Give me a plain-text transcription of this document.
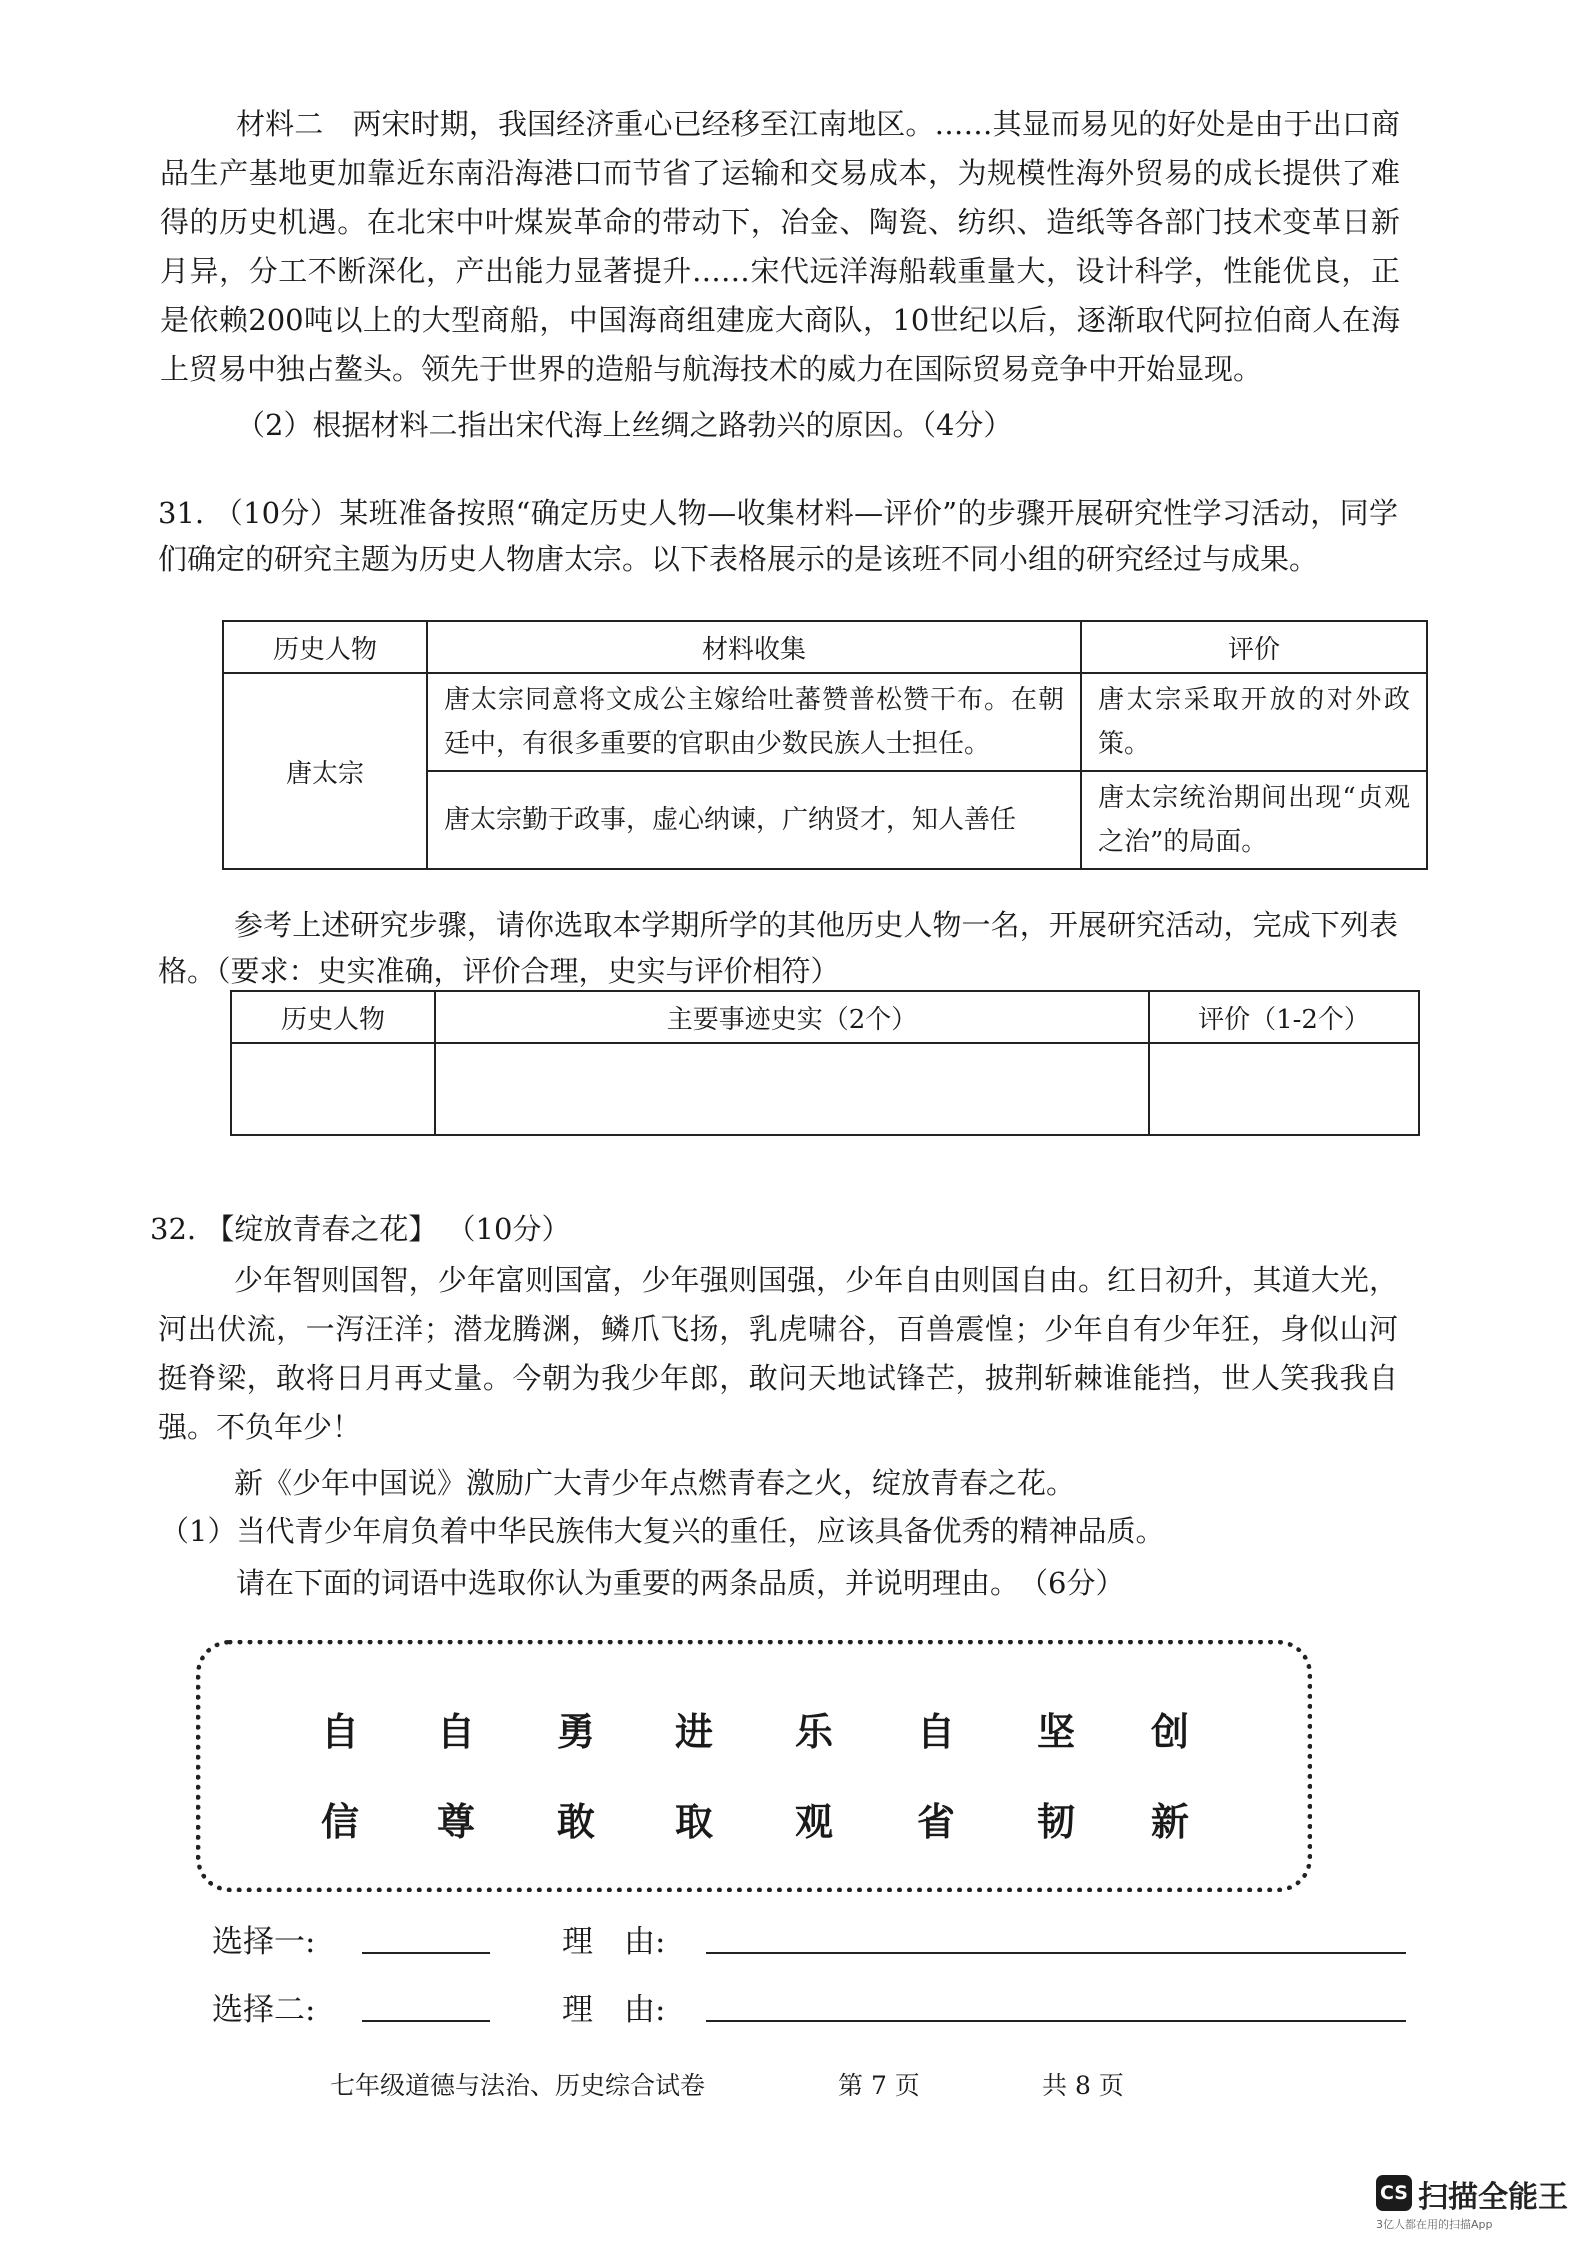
材料二　 两宋时期，我国经济重心已经移至江南地区。……其显而易见的好处是由于出口商品生产基地更加靠近东南沿海港口而节省了运输和交易成本，为规模性海外贸易的成长提供了难得的历史机遇。在北宋中叶煤炭革命的带动下，冶金、陶瓷、纺织、造纸等各部门技术变革日新月异，分工不断深化，产出能力显著提升……宋代远洋海船载重量大，设计科学，性能优良，正是依赖200吨以上的大型商船，中国海商组建庞大商队，10世纪以后，逐渐取代阿拉伯商人在海上贸易中独占鳌头。领先于世界的造船与航海技术的威力在国际贸易竞争中开始显现。
（2）根据材料二指出宋代海上丝绸之路勃兴的原因。（4分）
31. （10分）某班准备按照“确定历史人物—收集材料—评价”的步骤开展研究性学习活动，同学们确定的研究主题为历史人物唐太宗。以下表格展示的是该班不同小组的研究经过与成果。
历史人物	材料收集	评价
唐太宗	唐太宗同意将文成公主嫁给吐蕃赞普松赞干布。在朝廷中，有很多重要的官职由少数民族人士担任。	唐太宗采取开放的对外政策。
	唐太宗勤于政事，虚心纳谏，广纳贤才，知人善任	唐太宗统治期间出现“贞观之治”的局面。
参考上述研究步骤，请你选取本学期所学的其他历史人物一名，开展研究活动，完成下列表格。（要求：史实准确，评价合理，史实与评价相符）
历史人物	主要事迹史实（2个）	评价（1-2个）

32. 【绽放青春之花】 （10分）
少年智则国智，少年富则国富，少年强则国强，少年自由则国自由。红日初升，其道大光，河出伏流，一泻汪洋；潜龙腾渊，鳞爪飞扬，乳虎啸谷，百兽震惶；少年自有少年狂，身似山河挺脊梁，敢将日月再丈量。今朝为我少年郎，敢问天地试锋芒，披荆斩棘谁能挡，世人笑我我自强。不负年少！
新《少年中国说》激励广大青少年点燃青春之火，绽放青春之花。
（1）当代青少年肩负着中华民族伟大复兴的重任，应该具备优秀的精神品质。
请在下面的词语中选取你认为重要的两条品质，并说明理由。　（6分）
自 自 勇 进 乐 自 坚 创
信 尊 敢 取 观 省 韧 新
选择一:	理　由:
选择二:	理　由:
七年级道德与法治、历史综合试卷	第 7 页	共 8 页
CS 扫描全能王
3亿人都在用的扫描App
